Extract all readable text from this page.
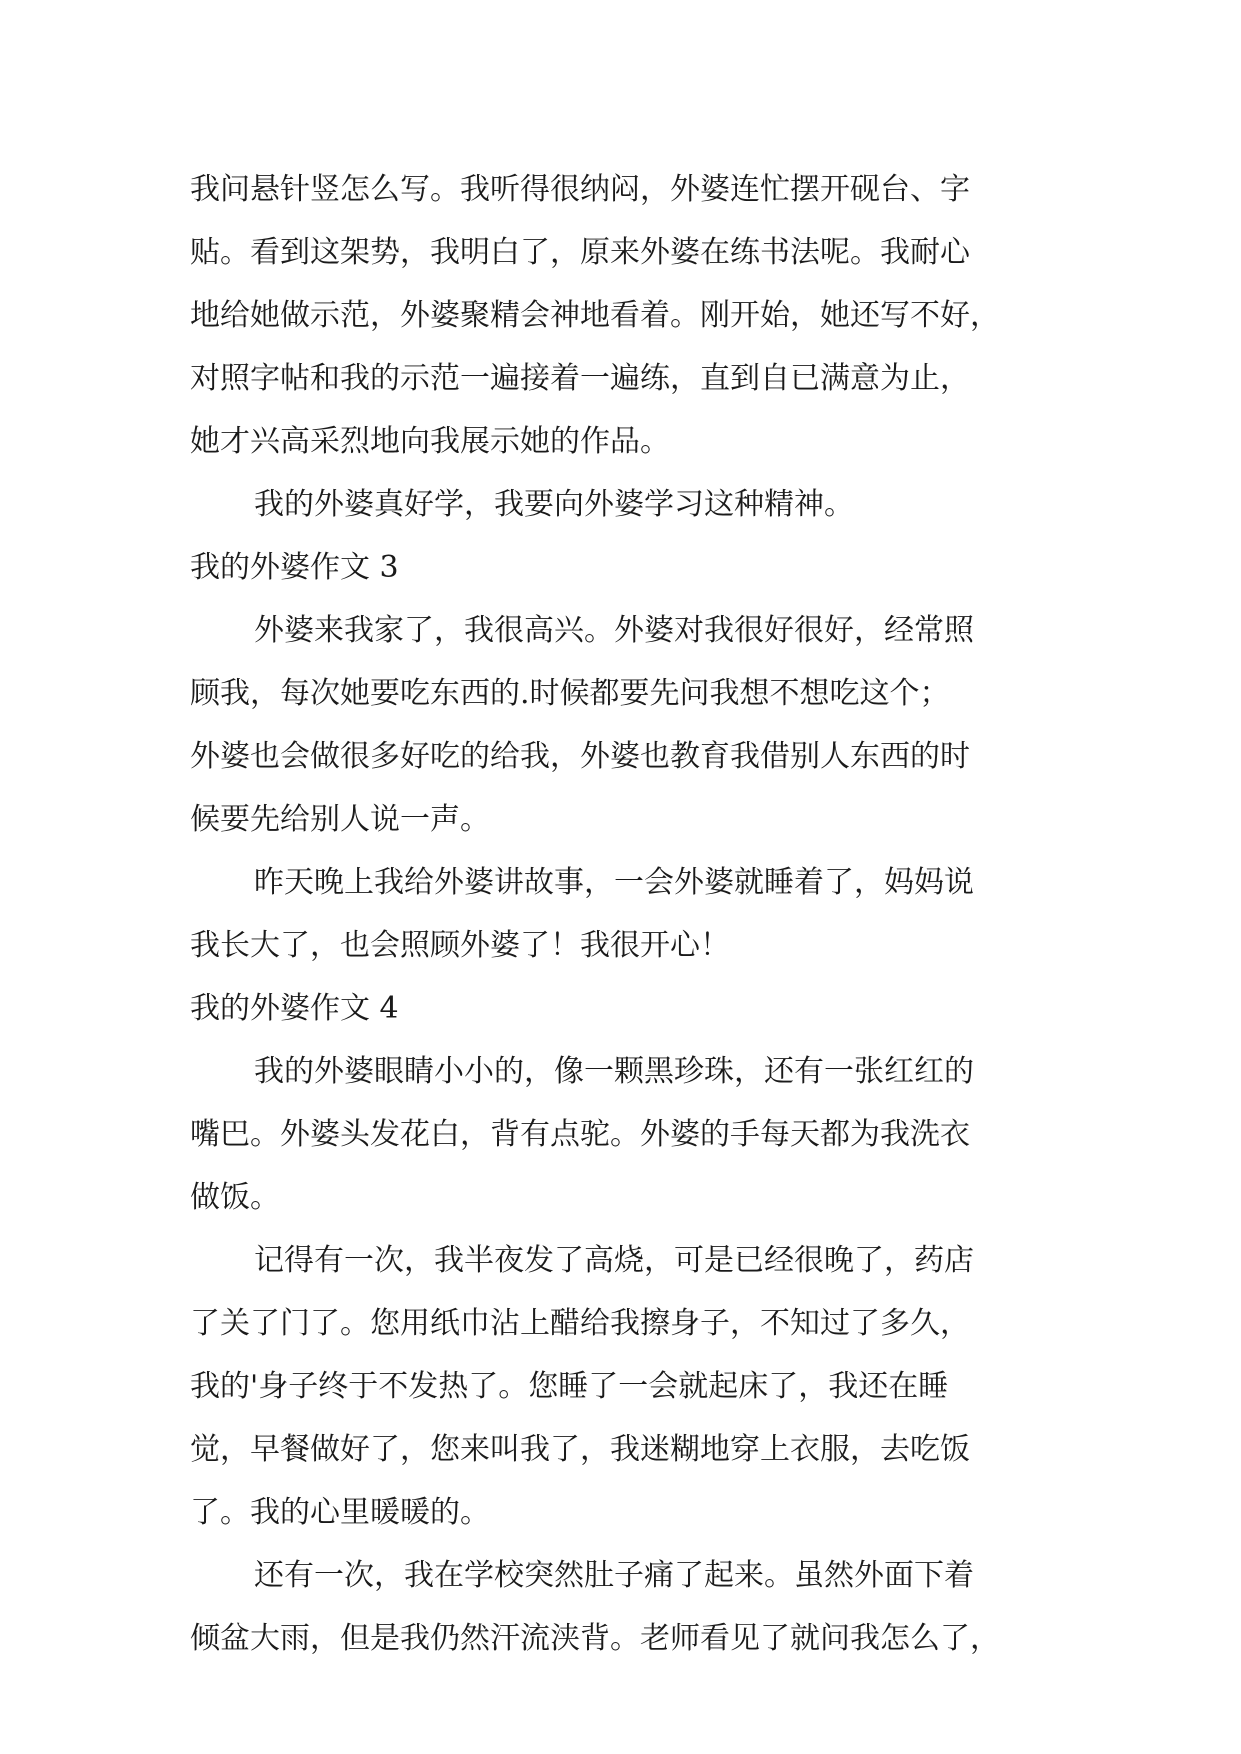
我问悬针竖怎么写。我听得很纳闷，外婆连忙摆开砚台、字
贴。看到这架势，我明白了，原来外婆在练书法呢。我耐心
地给她做示范，外婆聚精会神地看着。刚开始，她还写不好，
对照字帖和我的示范一遍接着一遍练，直到自已满意为止，
她才兴高采烈地向我展示她的作品。
我的外婆真好学，我要向外婆学习这种精神。
我的外婆作文 3
外婆来我家了，我很高兴。外婆对我很好很好，经常照
顾我，每次她要吃东西的.时候都要先问我想不想吃这个；
外婆也会做很多好吃的给我，外婆也教育我借别人东西的时
候要先给别人说一声。
昨天晚上我给外婆讲故事，一会外婆就睡着了，妈妈说
我长大了，也会照顾外婆了！我很开心！
我的外婆作文 4
我的外婆眼睛小小的，像一颗黑珍珠，还有一张红红的
嘴巴。外婆头发花白，背有点驼。外婆的手每天都为我洗衣
做饭。
记得有一次，我半夜发了高烧，可是已经很晚了，药店
了关了门了。您用纸巾沾上醋给我擦身子，不知过了多久，
我的'身子终于不发热了。您睡了一会就起床了，我还在睡
觉，早餐做好了，您来叫我了，我迷糊地穿上衣服，去吃饭
了。我的心里暖暖的。
还有一次，我在学校突然肚子痛了起来。虽然外面下着
倾盆大雨，但是我仍然汗流浃背。老师看见了就问我怎么了，
